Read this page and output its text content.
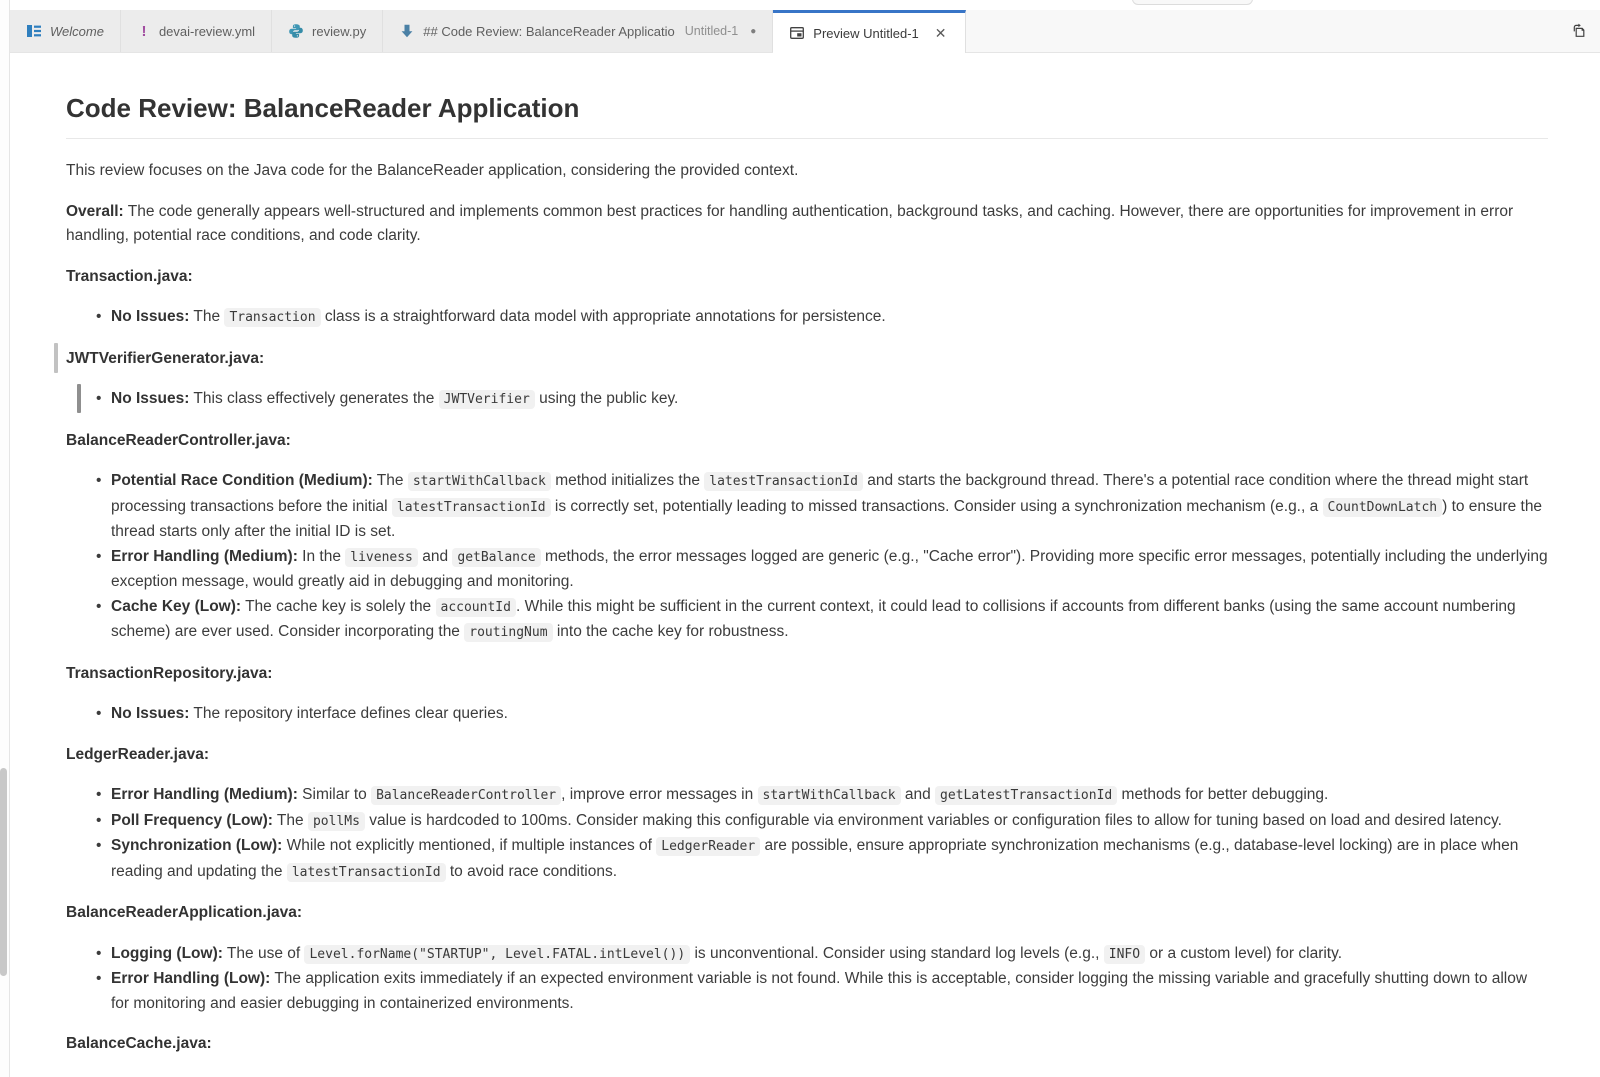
Welcome	! devai-review.yml	review.py	## Code Review: BalanceReader Applicatio Untitled-1 ●	Preview Untitled-1 ✕
Code Review: BalanceReader Application

This review focuses on the Java code for the BalanceReader application, considering the provided context.

Overall: The code generally appears well-structured and implements common best practices for handling authentication, background tasks, and caching. However, there are opportunities for improvement in error handling, potential race conditions, and code clarity.

Transaction.java:

• No Issues: The Transaction class is a straightforward data model with appropriate annotations for persistence.

JWTVerifierGenerator.java:

• No Issues: This class effectively generates the JWTVerifier using the public key.

BalanceReaderController.java:

• Potential Race Condition (Medium): The startWithCallback method initializes the latestTransactionId and starts the background thread. There's a potential race condition where the thread might start processing transactions before the initial latestTransactionId is correctly set, potentially leading to missed transactions. Consider using a synchronization mechanism (e.g., a CountDownLatch ) to ensure the thread starts only after the initial ID is set.
• Error Handling (Medium): In the liveness and getBalance methods, the error messages logged are generic (e.g., "Cache error"). Providing more specific error messages, potentially including the underlying exception message, would greatly aid in debugging and monitoring.
• Cache Key (Low): The cache key is solely the accountId . While this might be sufficient in the current context, it could lead to collisions if accounts from different banks (using the same account numbering scheme) are ever used. Consider incorporating the routingNum into the cache key for robustness.

TransactionRepository.java:

• No Issues: The repository interface defines clear queries.

LedgerReader.java:

• Error Handling (Medium): Similar to BalanceReaderController , improve error messages in startWithCallback and getLatestTransactionId methods for better debugging.
• Poll Frequency (Low): The pollMs value is hardcoded to 100ms. Consider making this configurable via environment variables or configuration files to allow for tuning based on load and desired latency.
• Synchronization (Low): While not explicitly mentioned, if multiple instances of LedgerReader are possible, ensure appropriate synchronization mechanisms (e.g., database-level locking) are in place when reading and updating the latestTransactionId to avoid race conditions.

BalanceReaderApplication.java:

• Logging (Low): The use of Level.forName("STARTUP", Level.FATAL.intLevel()) is unconventional. Consider using standard log levels (e.g., INFO or a custom level) for clarity.
• Error Handling (Low): The application exits immediately if an expected environment variable is not found. While this is acceptable, consider logging the missing variable and gracefully shutting down to allow for monitoring and easier debugging in containerized environments.

BalanceCache.java:
